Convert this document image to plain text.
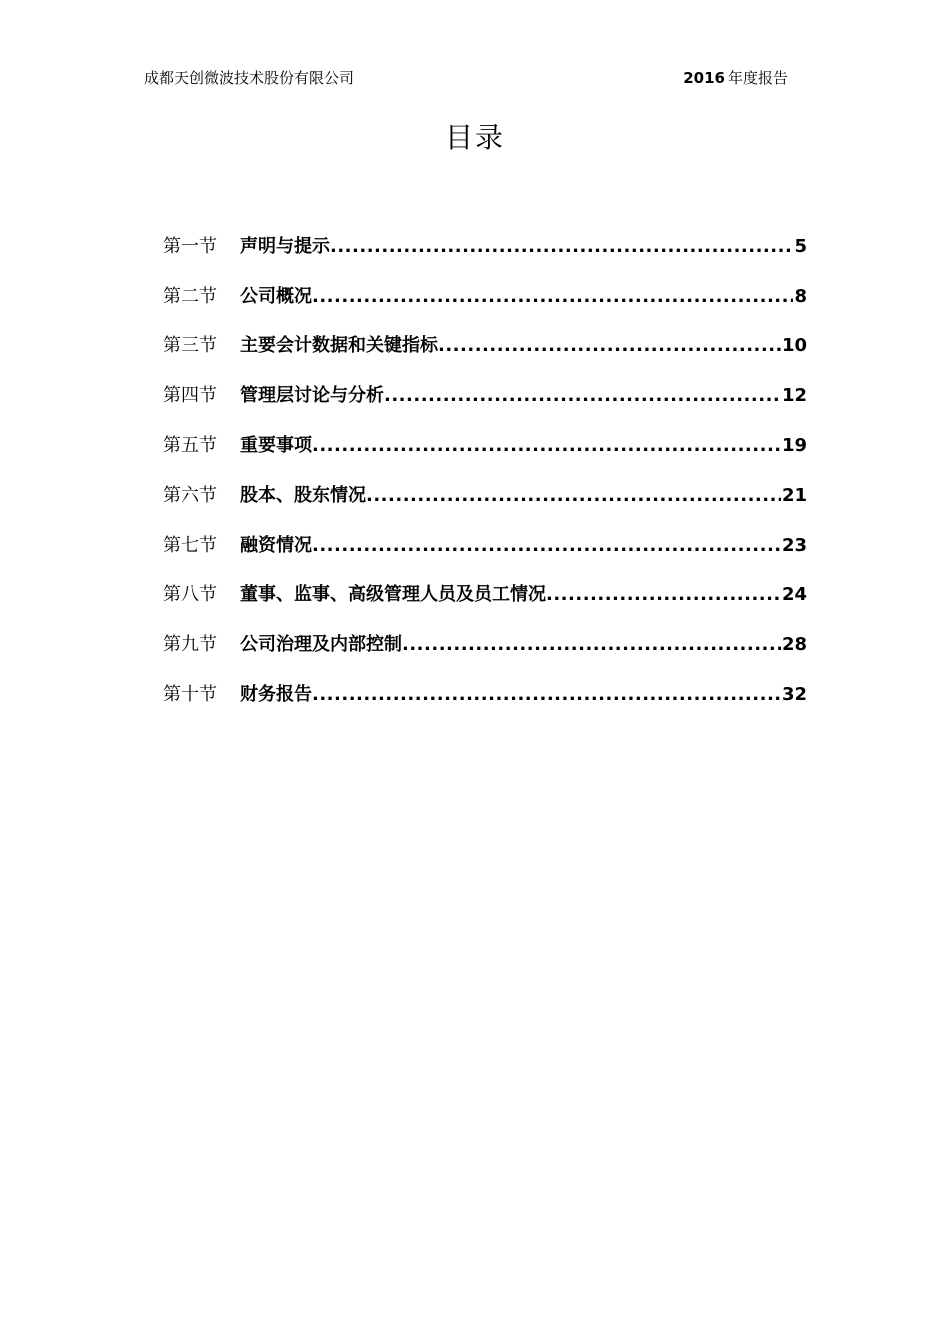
成都天创微波技术股份有限公司	2016 年度报告
目录
第一节	声明与提示 .....	5
第二节	公司概况 .....	8
第三节	主要会计数据和关键指标 .....	10
第四节	管理层讨论与分析 .....	12
第五节	重要事项 .....	19
第六节	股本、股东情况 .....	21
第七节	融资情况 .....	23
第八节	董事、监事、高级管理人员及员工情况 .....	24
第九节	公司治理及内部控制 .....	28
第十节	财务报告 .....	32
